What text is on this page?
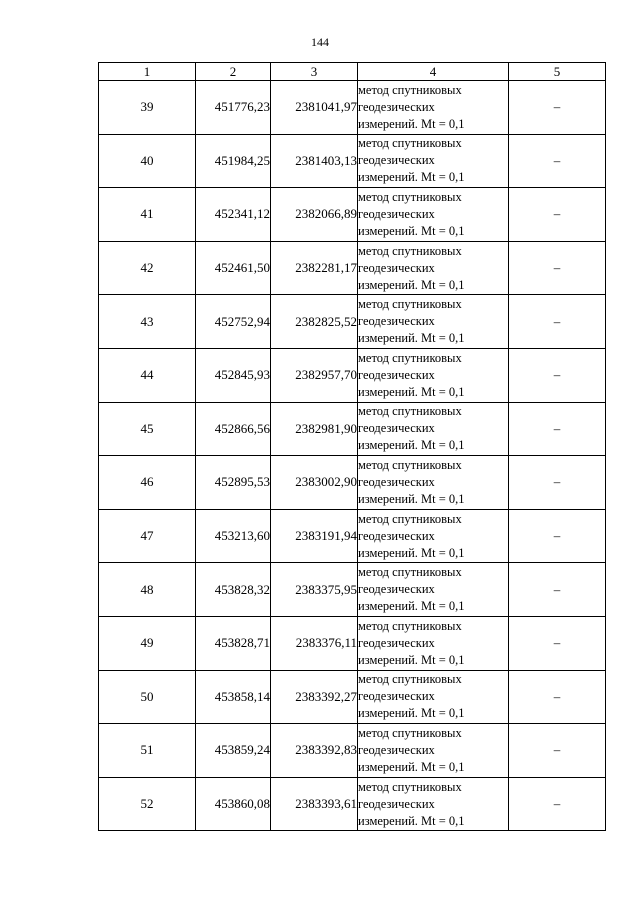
144
1	2	3	4	5
39	451776,23	2381041,97	метод спутниковых
геодезических
измерений. Mt = 0,1	–
40	451984,25	2381403,13	метод спутниковых
геодезических
измерений. Mt = 0,1	–
41	452341,12	2382066,89	метод спутниковых
геодезических
измерений. Mt = 0,1	–
42	452461,50	2382281,17	метод спутниковых
геодезических
измерений. Mt = 0,1	–
43	452752,94	2382825,52	метод спутниковых
геодезических
измерений. Mt = 0,1	–
44	452845,93	2382957,70	метод спутниковых
геодезических
измерений. Mt = 0,1	–
45	452866,56	2382981,90	метод спутниковых
геодезических
измерений. Mt = 0,1	–
46	452895,53	2383002,90	метод спутниковых
геодезических
измерений. Mt = 0,1	–
47	453213,60	2383191,94	метод спутниковых
геодезических
измерений. Mt = 0,1	–
48	453828,32	2383375,95	метод спутниковых
геодезических
измерений. Mt = 0,1	–
49	453828,71	2383376,11	метод спутниковых
геодезических
измерений. Mt = 0,1	–
50	453858,14	2383392,27	метод спутниковых
геодезических
измерений. Mt = 0,1	–
51	453859,24	2383392,83	метод спутниковых
геодезических
измерений. Mt = 0,1	–
52	453860,08	2383393,61	метод спутниковых
геодезических
измерений. Mt = 0,1	–
